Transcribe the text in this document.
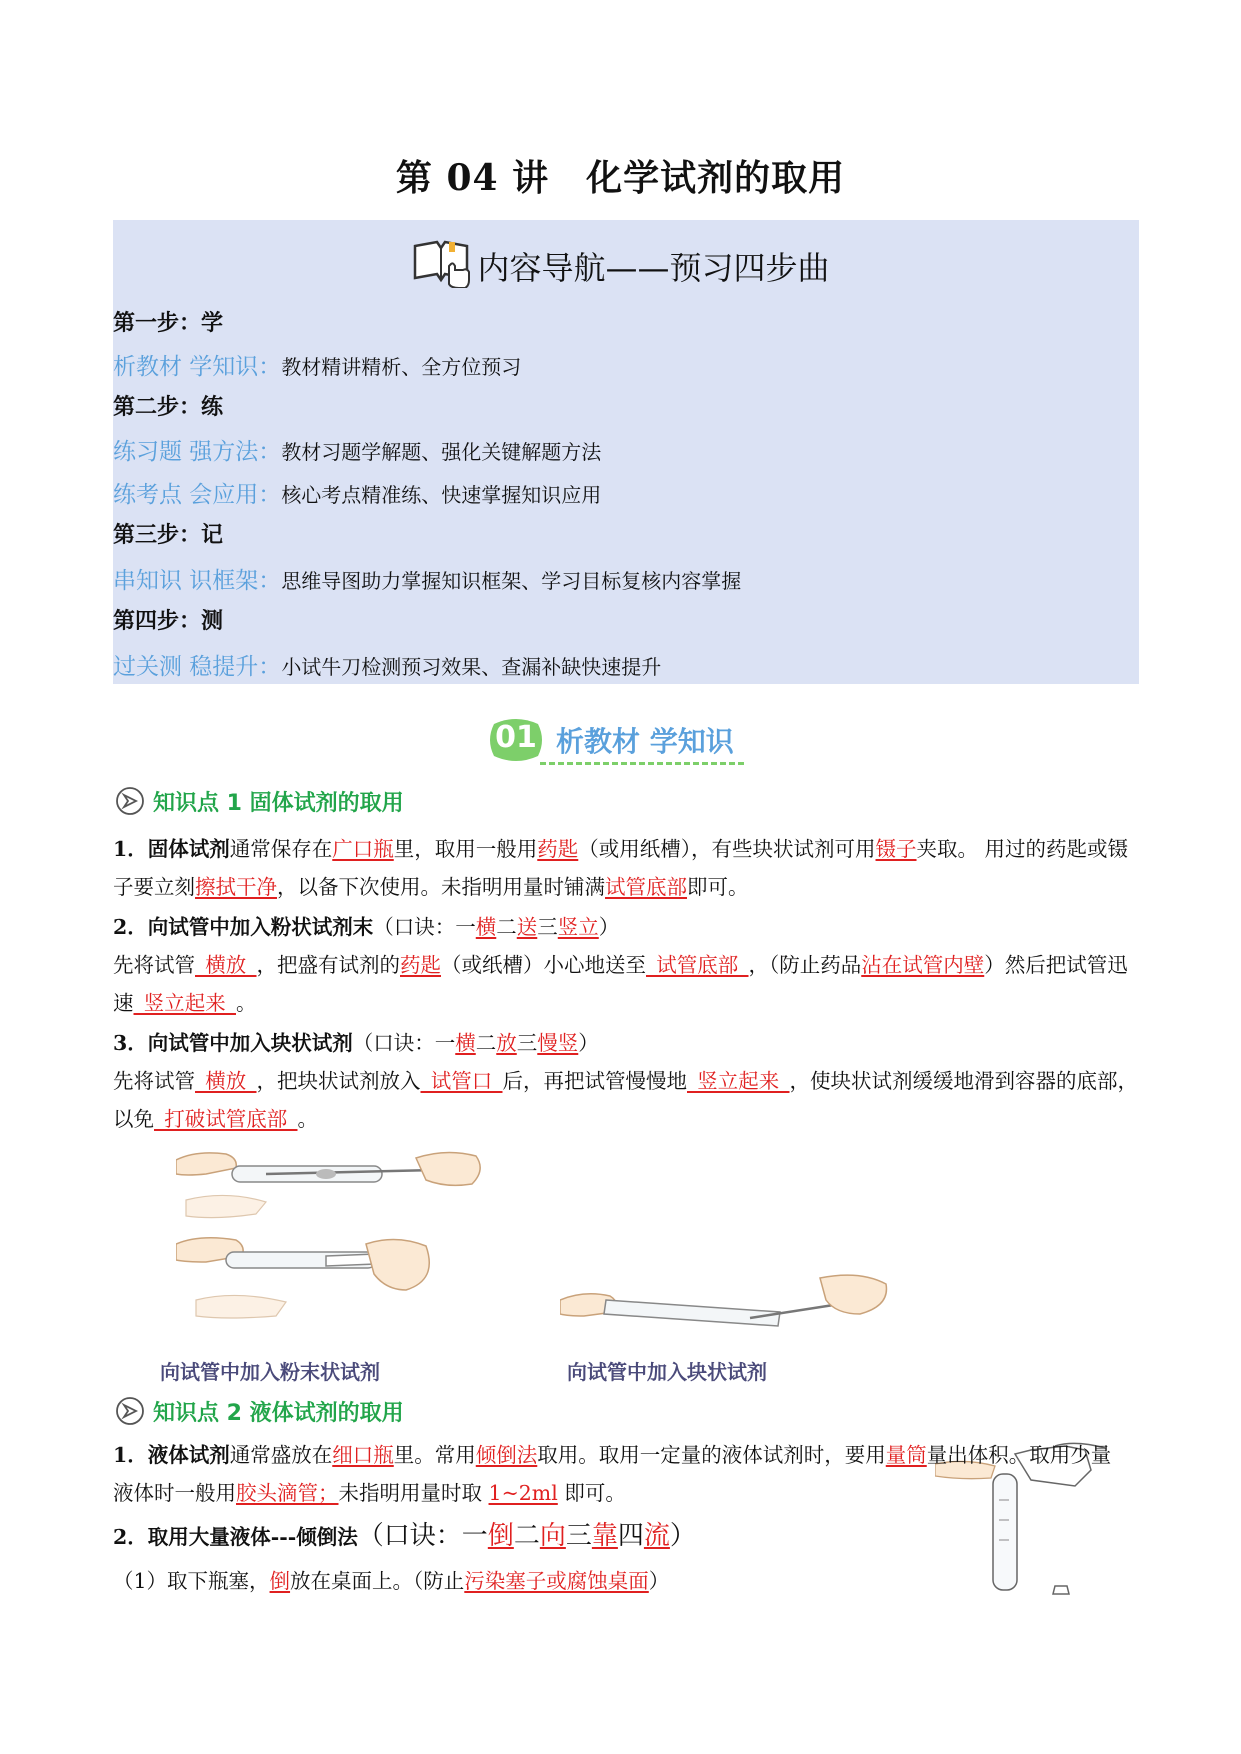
第 04 讲　化学试剂的取用
内容导航——预习四步曲
第一步：学
析教材 学知识：教材精讲精析、全方位预习
第二步：练
练习题 强方法：教材习题学解题、强化关键解题方法
练考点 会应用：核心考点精准练、快速掌握知识应用
第三步：记
串知识 识框架：思维导图助力掌握知识框架、学习目标复核内容掌握
第四步：测
过关测 稳提升：小试牛刀检测预习效果、查漏补缺快速提升
01 析教材 学知识
知识点 1 固体试剂的取用
1．固体试剂通常保存在广口瓶里，取用一般用药匙（或用纸槽），有些块状试剂可用镊子夹取。 用过的药匙或镊子要立刻擦拭干净，以备下次使用。未指明用量时铺满试管底部即可。
2．向试管中加入粉状试剂末（口诀：一横二送三竖立）
先将试管_横放_，把盛有试剂的药匙（或纸槽）小心地送至_试管底部_，（防止药品沾在试管内壁）然后把试管迅速_竖立起来_。
3．向试管中加入块状试剂（口诀：一横二放三慢竖）
先将试管_横放_，把块状试剂放入_试管口_后，再把试管慢慢地_竖立起来_，使块状试剂缓缓地滑到容器的底部，以免_打破试管底部_。
向试管中加入粉末状试剂	向试管中加入块状试剂
知识点 2 液体试剂的取用
1．液体试剂通常盛放在细口瓶里。常用倾倒法取用。取用一定量的液体试剂时，要用量筒量出体积。取用少量液体时一般用胶头滴管；未指明用量时取 1~2ml 即可。
2．取用大量液体---倾倒法（口诀：一倒二向三靠四流）
（1）取下瓶塞，倒放在桌面上。（防止污染塞子或腐蚀桌面）
